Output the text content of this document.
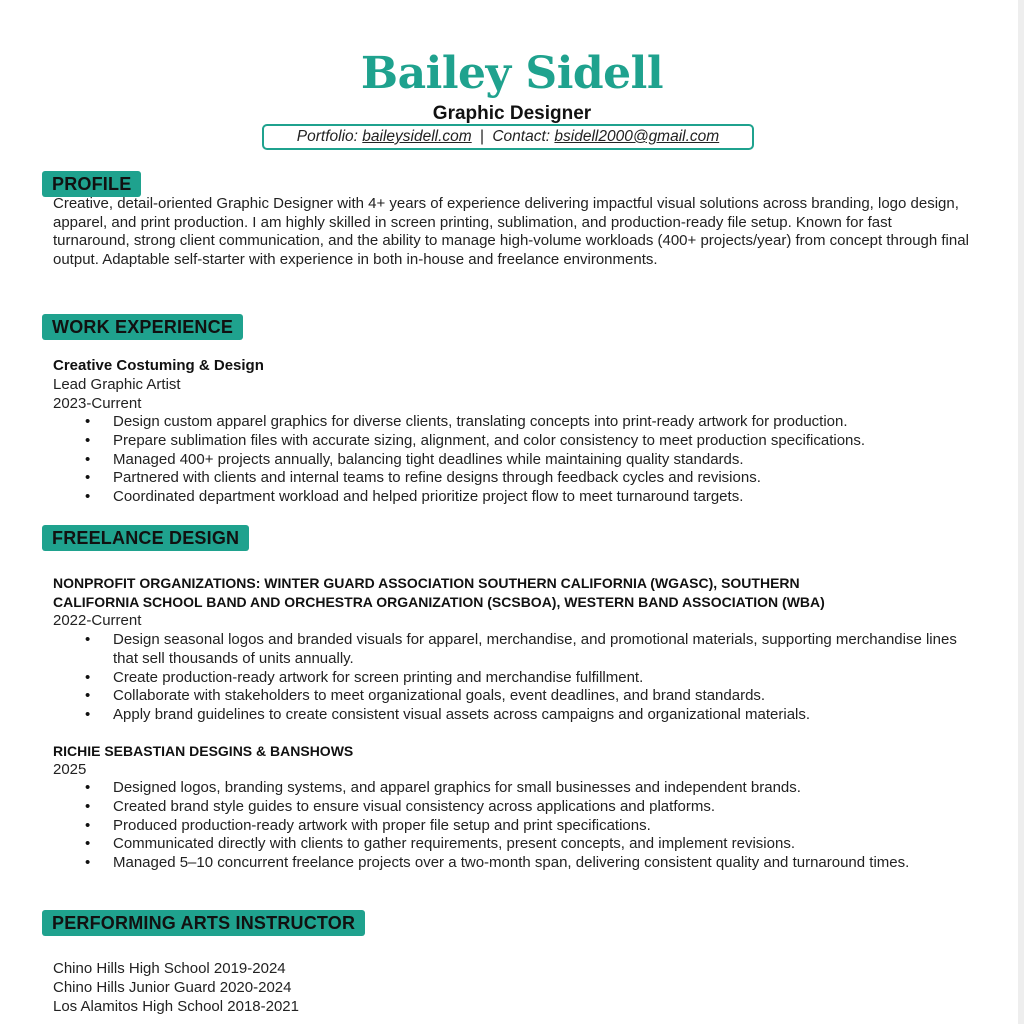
Bailey Sidell
Graphic Designer
Portfolio: baileysidell.com | Contact: bsidell2000@gmail.com
PROFILE
Creative, detail-oriented Graphic Designer with 4+ years of experience delivering impactful visual solutions across branding, logo design, apparel, and print production. I am highly skilled in screen printing, sublimation, and production-ready file setup. Known for fast turnaround, strong client communication, and the ability to manage high-volume workloads (400+ projects/year) from concept through final output. Adaptable self-starter with experience in both in-house and freelance environments.
WORK EXPERIENCE
Creative Costuming & Design
Lead Graphic Artist
2023-Current
• Design custom apparel graphics for diverse clients, translating concepts into print-ready artwork for production.
• Prepare sublimation files with accurate sizing, alignment, and color consistency to meet production specifications.
• Managed 400+ projects annually, balancing tight deadlines while maintaining quality standards.
• Partnered with clients and internal teams to refine designs through feedback cycles and revisions.
• Coordinated department workload and helped prioritize project flow to meet turnaround targets.
FREELANCE DESIGN
NONPROFIT ORGANIZATIONS: WINTER GUARD ASSOCIATION SOUTHERN CALIFORNIA (WGASC), SOUTHERN
CALIFORNIA SCHOOL BAND AND ORCHESTRA ORGANIZATION (SCSBOA), WESTERN BAND ASSOCIATION (WBA)
2022-Current
• Design seasonal logos and branded visuals for apparel, merchandise, and promotional materials, supporting merchandise lines that sell thousands of units annually.
• Create production-ready artwork for screen printing and merchandise fulfillment.
• Collaborate with stakeholders to meet organizational goals, event deadlines, and brand standards.
• Apply brand guidelines to create consistent visual assets across campaigns and organizational materials.
RICHIE SEBASTIAN DESGINS & BANSHOWS
2025
• Designed logos, branding systems, and apparel graphics for small businesses and independent brands.
• Created brand style guides to ensure visual consistency across applications and platforms.
• Produced production-ready artwork with proper file setup and print specifications.
• Communicated directly with clients to gather requirements, present concepts, and implement revisions.
• Managed 5–10 concurrent freelance projects over a two-month span, delivering consistent quality and turnaround times.
PERFORMING ARTS INSTRUCTOR
Chino Hills High School 2019-2024
Chino Hills Junior Guard 2020-2024
Los Alamitos High School 2018-2021
